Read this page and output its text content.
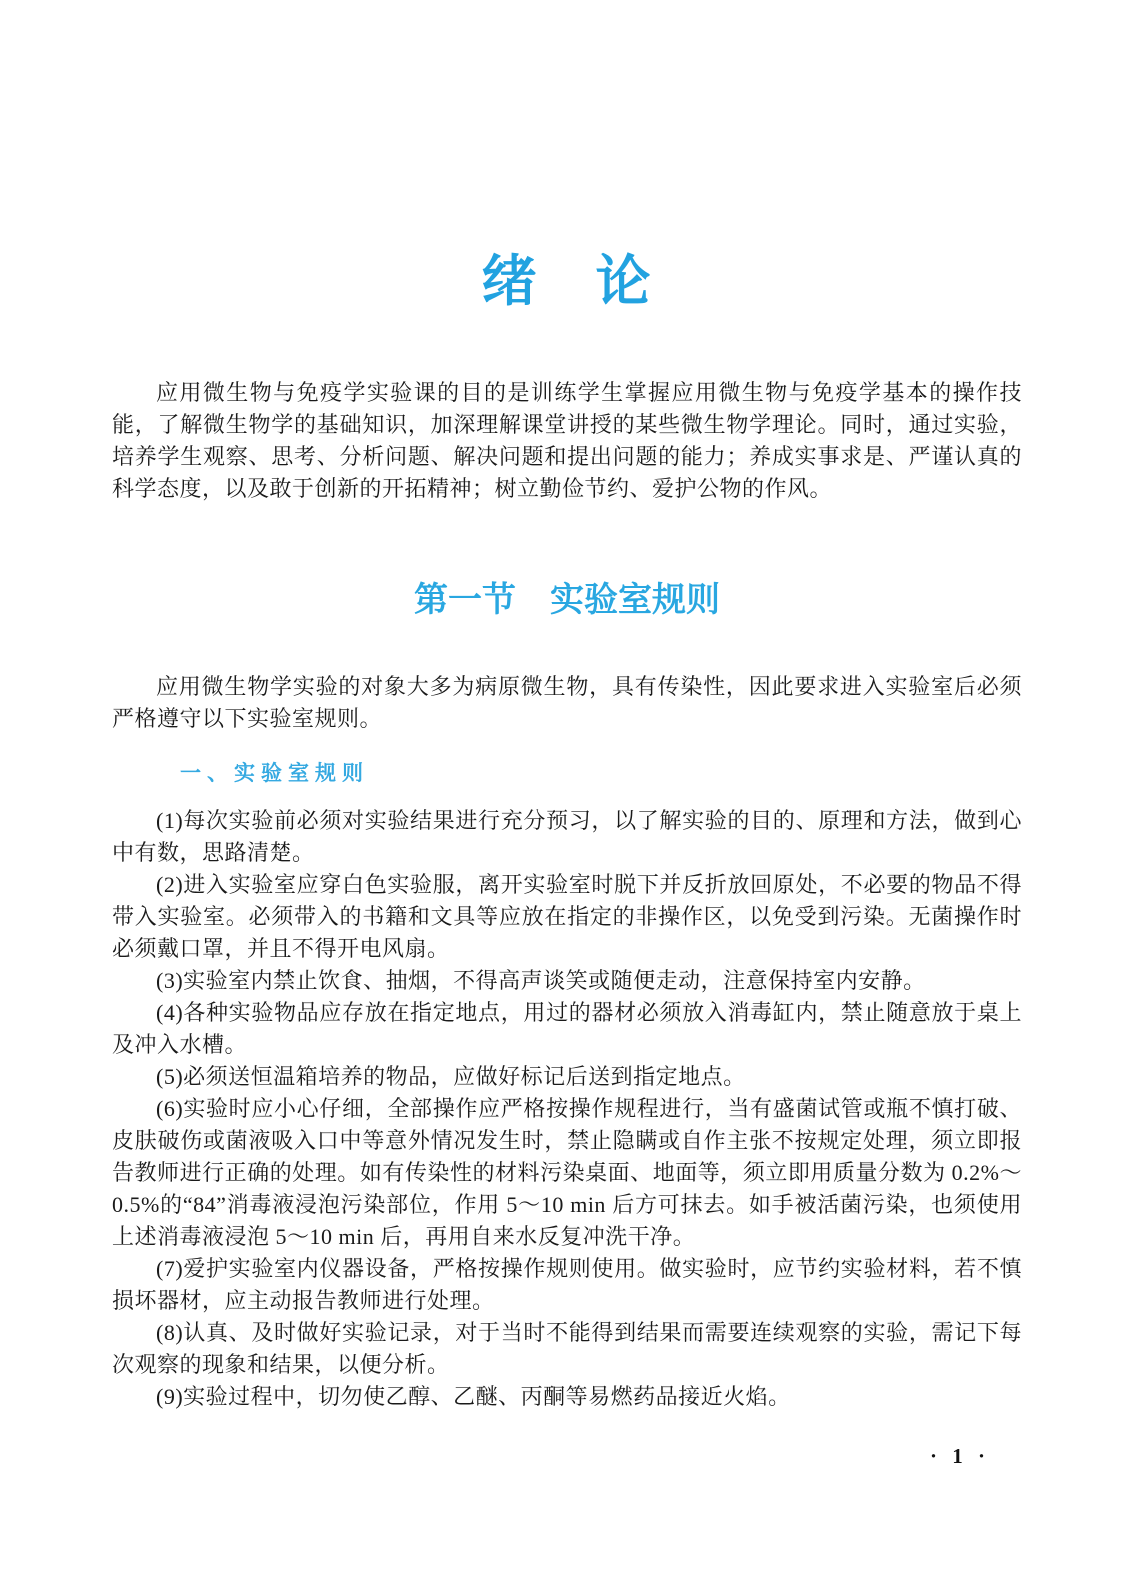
绪　论

应用微生物与免疫学实验课的目的是训练学生掌握应用微生物与免疫学基本的操作技能，了解微生物学的基础知识，加深理解课堂讲授的某些微生物学理论。同时，通过实验，培养学生观察、思考、分析问题、解决问题和提出问题的能力；养成实事求是、严谨认真的科学态度，以及敢于创新的开拓精神；树立勤俭节约、爱护公物的作风。

第一节　实验室规则

应用微生物学实验的对象大多为病原微生物，具有传染性，因此要求进入实验室后必须严格遵守以下实验室规则。

一、实验室规则

(1)每次实验前必须对实验结果进行充分预习，以了解实验的目的、原理和方法，做到心中有数，思路清楚。

(2)进入实验室应穿白色实验服，离开实验室时脱下并反折放回原处，不必要的物品不得带入实验室。必须带入的书籍和文具等应放在指定的非操作区，以免受到污染。无菌操作时必须戴口罩，并且不得开电风扇。

(3)实验室内禁止饮食、抽烟，不得高声谈笑或随便走动，注意保持室内安静。

(4)各种实验物品应存放在指定地点，用过的器材必须放入消毒缸内，禁止随意放于桌上及冲入水槽。

(5)必须送恒温箱培养的物品，应做好标记后送到指定地点。

(6)实验时应小心仔细，全部操作应严格按操作规程进行，当有盛菌试管或瓶不慎打破、皮肤破伤或菌液吸入口中等意外情况发生时，禁止隐瞒或自作主张不按规定处理，须立即报告教师进行正确的处理。如有传染性的材料污染桌面、地面等，须立即用质量分数为 0.2%～0.5%的“84”消毒液浸泡污染部位，作用 5～10 min 后方可抹去。如手被活菌污染，也须使用上述消毒液浸泡 5～10 min 后，再用自来水反复冲洗干净。

(7)爱护实验室内仪器设备，严格按操作规则使用。做实验时，应节约实验材料，若不慎损坏器材，应主动报告教师进行处理。

(8)认真、及时做好实验记录，对于当时不能得到结果而需要连续观察的实验，需记下每次观察的现象和结果，以便分析。

(9)实验过程中，切勿使乙醇、乙醚、丙酮等易燃药品接近火焰。

· 1 ·
